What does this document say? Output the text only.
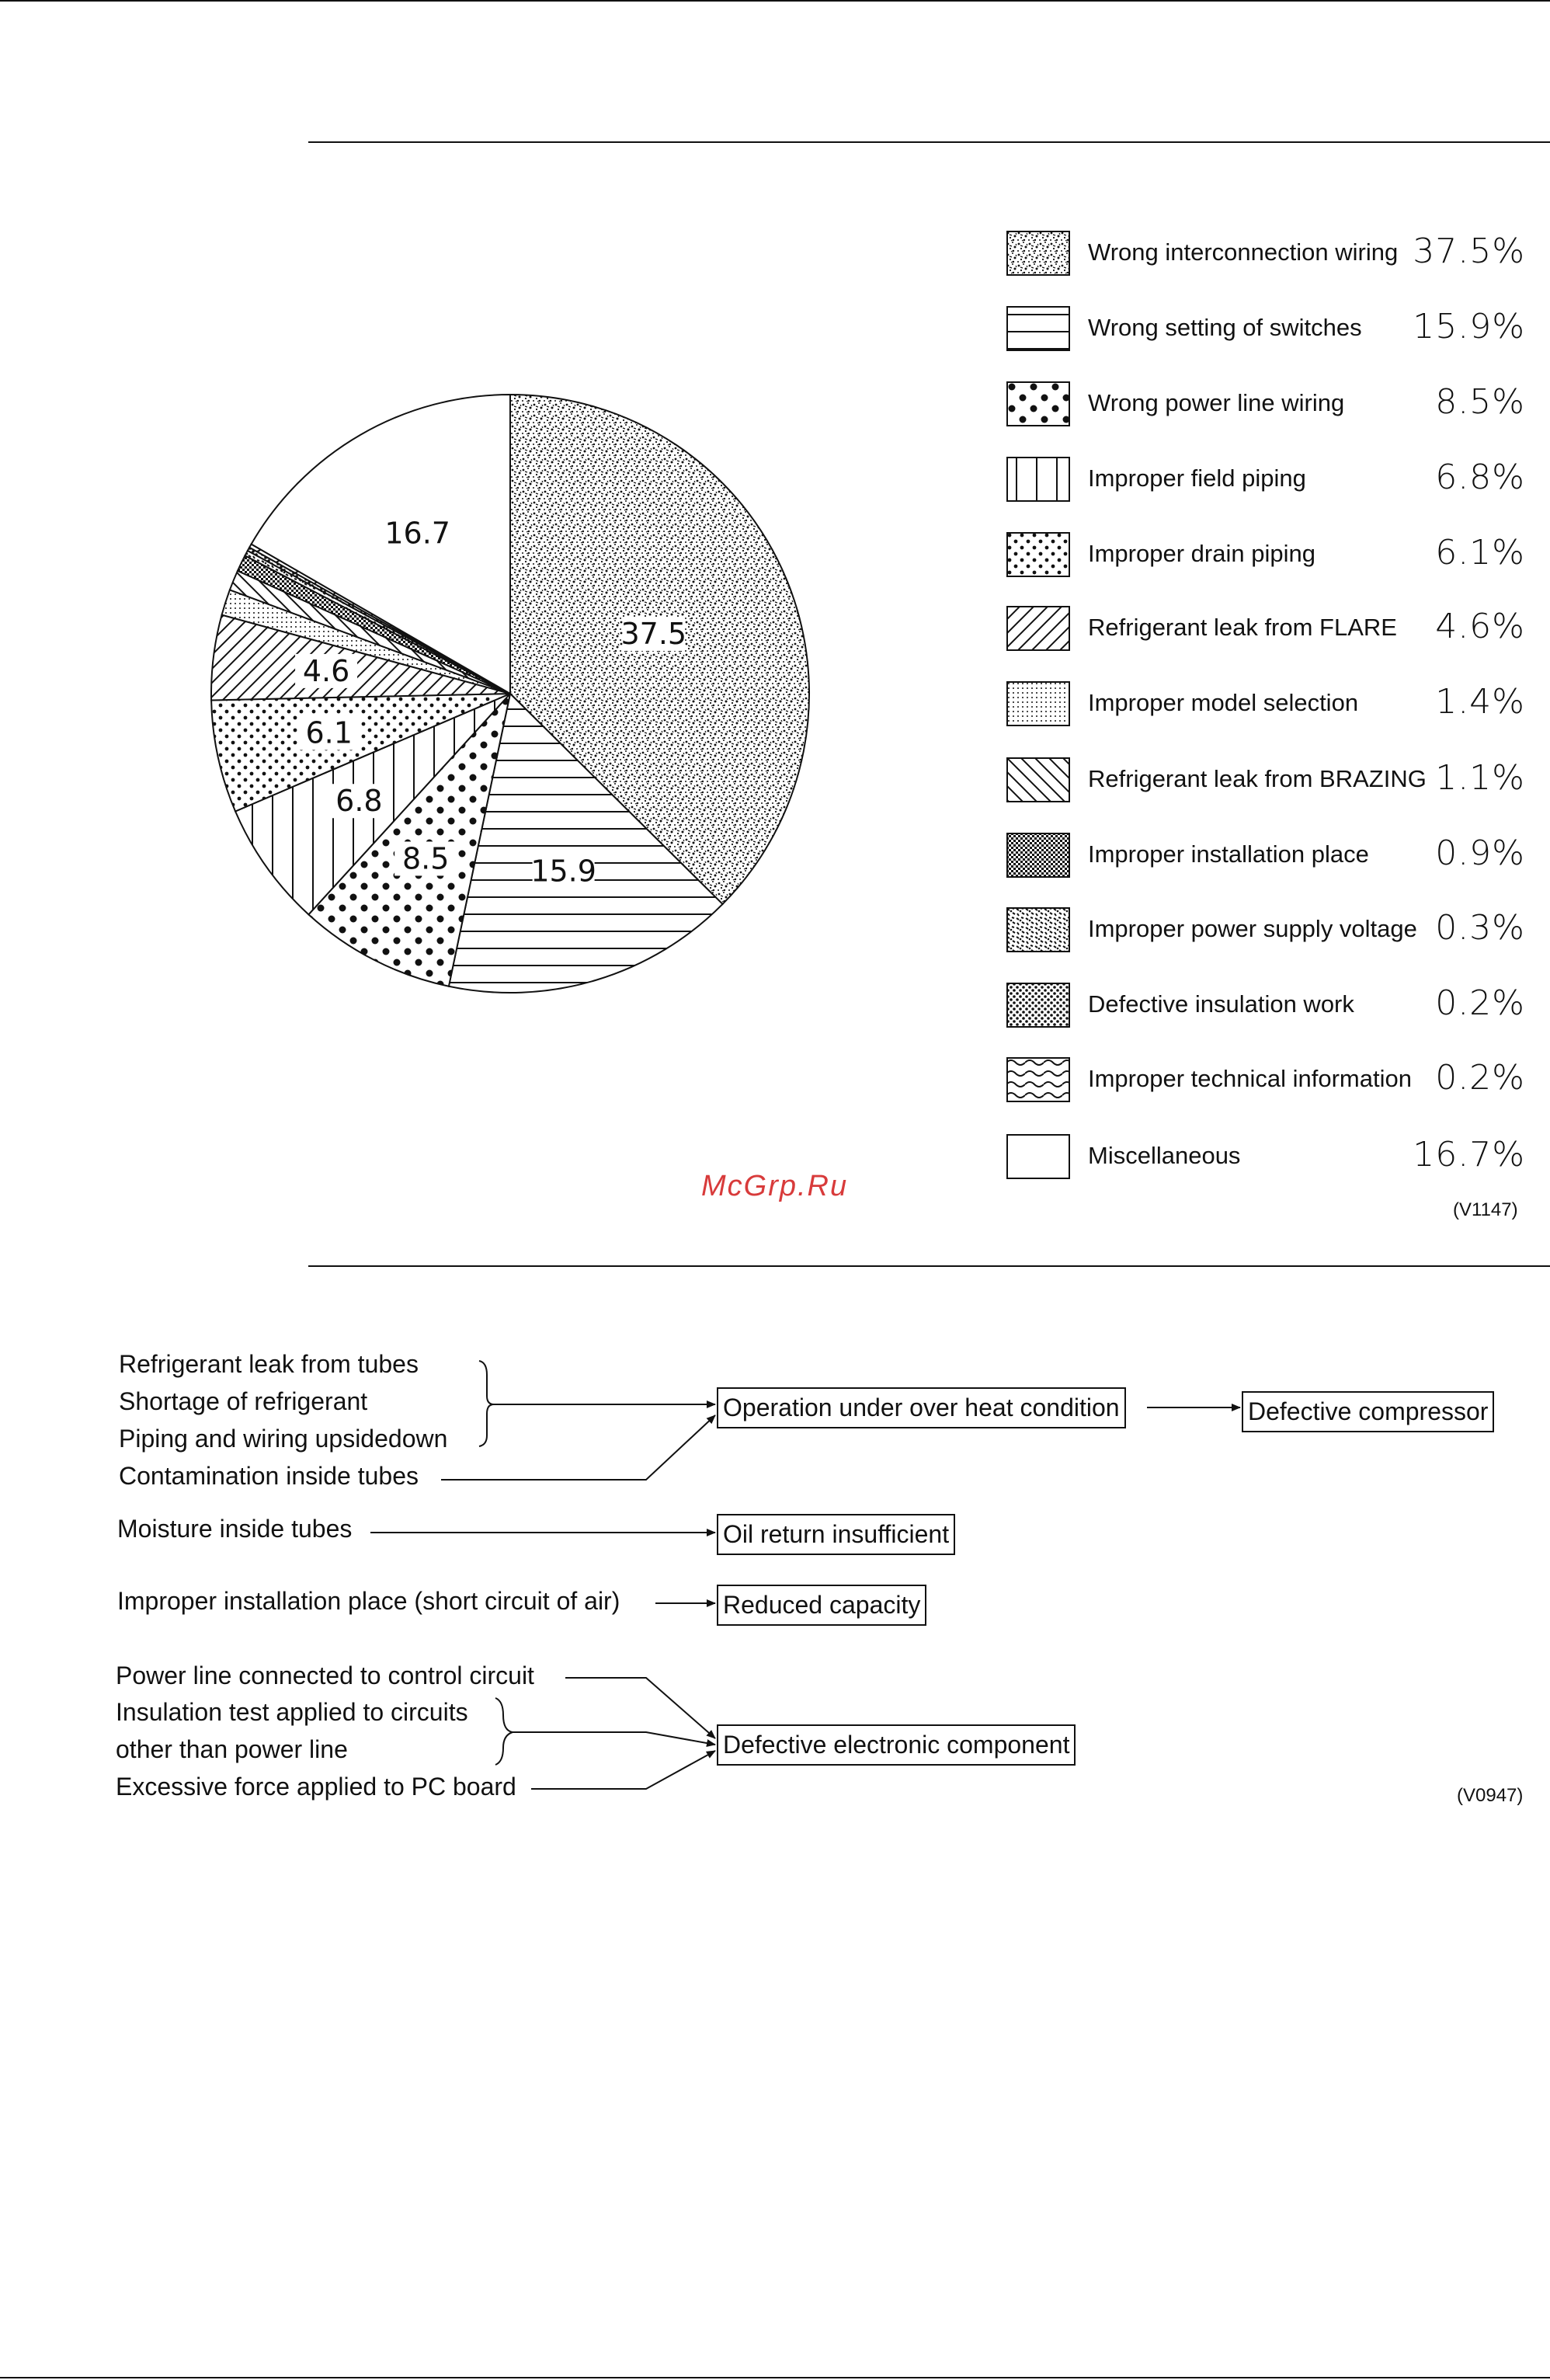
37.5
15.9
8.5
6.8
6.1
4.6
16.7
Wrong interconnection wiring 37.5%
Wrong setting of switches 15.9%
Wrong power line wiring	8.5%
Improper field piping	6.8%
Improper drain piping	6.1%
Refrigerant leak from FLARE 4.6%
Improper model selection 1.4%
Refrigerant leak from BRAZING 1.1%
Improper installation place 0.9%
Improper power supply voltage 0.3%
Defective insulation work 0.2%
Improper technical information 0.2%
Miscellaneous	16.7%
(V1147)
McGrp.Ru
Refrigerant leak from tubes
Shortage of refrigerant
Piping and wiring upsidedown
Contamination inside tubes
Moisture inside tubes
Improper installation place (short circuit of air)
Power line connected to control circuit
Insulation test applied to circuits
other than power line
Excessive force applied to PC board
Operation under over heat condition	Defective compressor
Oil return insufficient
Reduced capacity
Defective electronic component
(V0947)
